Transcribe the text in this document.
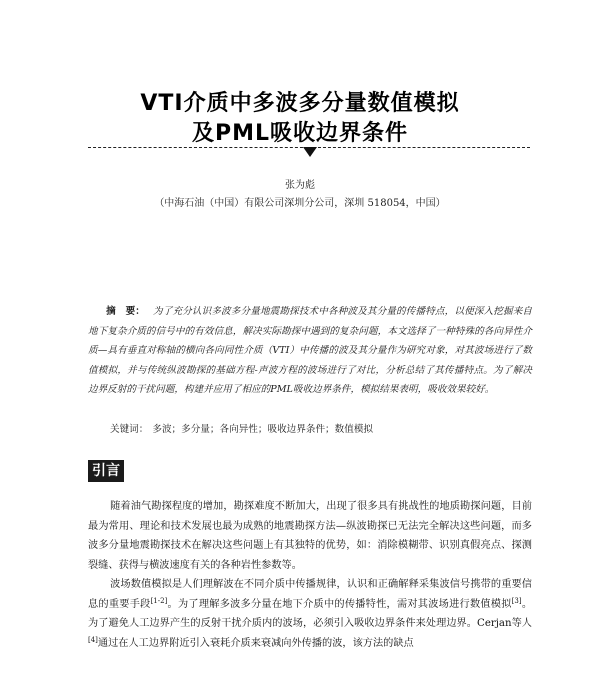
VTI介质中多波多分量数值模拟
及PML吸收边界条件
张为彪
（中海石油（中国）有限公司深圳分公司，深圳 518054，中国）
摘　要： 为了充分认识多波多分量地震勘探技术中各种波及其分量的传播特点，以便深入挖掘来自地下复杂介质的信号中的有效信息，解决实际勘探中遇到的复杂问题，本文选择了一种特殊的各向异性介质—具有垂直对称轴的横向各向同性介质（VTI）中传播的波及其分量作为研究对象，对其波场进行了数值模拟，并与传统纵波勘探的基础方程-声波方程的波场进行了对比，分析总结了其传播特点。为了解决边界反射的干扰问题，构建并应用了相应的PML吸收边界条件，模拟结果表明，吸收效果较好。
关键词： 多波；多分量；各向异性；吸收边界条件；数值模拟
引言
随着油气勘探程度的增加，勘探难度不断加大，出现了很多具有挑战性的地质勘探问题，目前最为常用、理论和技术发展也最为成熟的地震勘探方法—纵波勘探已无法完全解决这些问题，而多波多分量地震勘探技术在解决这些问题上有其独特的优势，如：消除模糊带、识别真假亮点、探测裂缝、获得与横波速度有关的各种岩性参数等。
波场数值模拟是人们理解波在不同介质中传播规律，认识和正确解释采集波信号携带的重要信息的重要手段[1-2]。为了理解多波多分量在地下介质中的传播特性，需对其波场进行数值模拟[3]。为了避免人工边界产生的反射干扰介质内的波场，必须引入吸收边界条件来处理边界。Cerjan等人[4]通过在人工边界附近引入衰耗介质来衰减向外传播的波，该方法的缺点
